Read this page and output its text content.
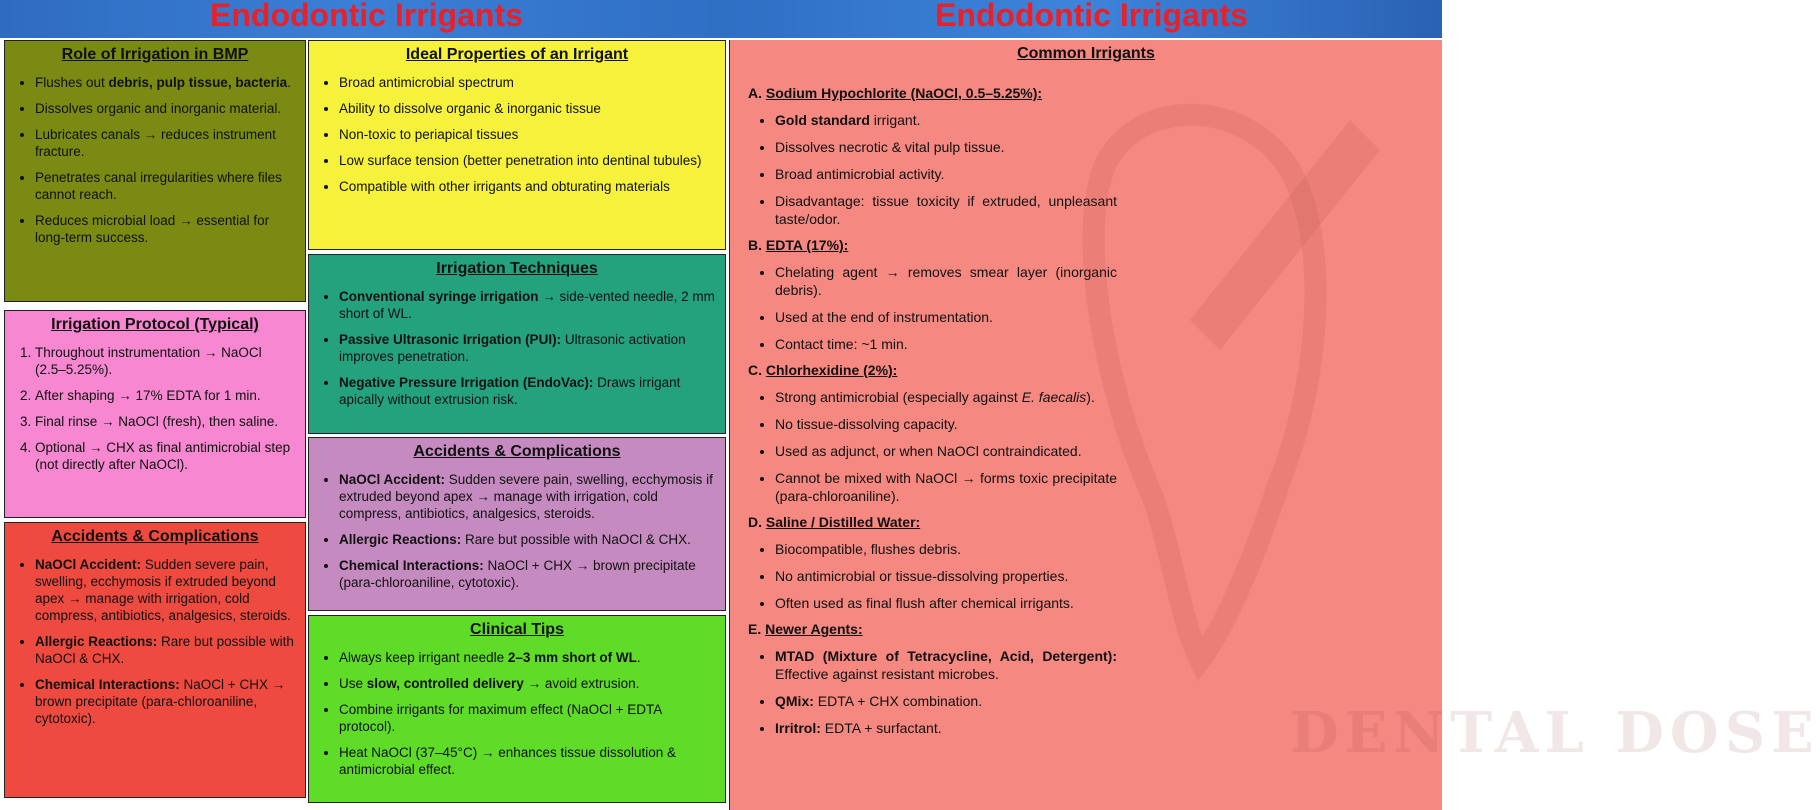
Endodontic Irrigants	Endodontic Irrigants
Role of Irrigation in BMP
• Flushes out debris, pulp tissue, bacteria.
• Dissolves organic and inorganic material.
• Lubricates canals → reduces instrument fracture.
• Penetrates canal irregularities where files cannot reach.
• Reduces microbial load → essential for long-term success.
Ideal Properties of an Irrigant
• Broad antimicrobial spectrum
• Ability to dissolve organic & inorganic tissue
• Non-toxic to periapical tissues
• Low surface tension (better penetration into dentinal tubules)
• Compatible with other irrigants and obturating materials
Irrigation Protocol (Typical)
1. Throughout instrumentation → NaOCl (2.5–5.25%).
2. After shaping → 17% EDTA for 1 min.
3. Final rinse → NaOCl (fresh), then saline.
4. Optional → CHX as final antimicrobial step (not directly after NaOCl).
Irrigation Techniques
• Conventional syringe irrigation → side-vented needle, 2 mm short of WL.
• Passive Ultrasonic Irrigation (PUI): Ultrasonic activation improves penetration.
• Negative Pressure Irrigation (EndoVac): Draws irrigant apically without extrusion risk.
Accidents & Complications
• NaOCl Accident: Sudden severe pain, swelling, ecchymosis if extruded beyond apex → manage with irrigation, cold compress, antibiotics, analgesics, steroids.
• Allergic Reactions: Rare but possible with NaOCl & CHX.
• Chemical Interactions: NaOCl + CHX → brown precipitate (para-chloroaniline, cytotoxic).
Accidents & Complications
• NaOCl Accident: Sudden severe pain, swelling, ecchymosis if extruded beyond apex → manage with irrigation, cold compress, antibiotics, analgesics, steroids.
• Allergic Reactions: Rare but possible with NaOCl & CHX.
• Chemical Interactions: NaOCl + CHX → brown precipitate (para-chloroaniline, cytotoxic).
Clinical Tips
• Always keep irrigant needle 2–3 mm short of WL.
• Use slow, controlled delivery → avoid extrusion.
• Combine irrigants for maximum effect (NaOCl + EDTA protocol).
• Heat NaOCl (37–45°C) → enhances tissue dissolution & antimicrobial effect.
DENTAL DOSE
Common Irrigants
A. Sodium Hypochlorite (NaOCl, 0.5–5.25%):
• Gold standard irrigant.
• Dissolves necrotic & vital pulp tissue.
• Broad antimicrobial activity.
• Disadvantage: tissue toxicity if extruded, unpleasant taste/odor.
B. EDTA (17%):
• Chelating agent → removes smear layer (inorganic debris).
• Used at the end of instrumentation.
• Contact time: ~1 min.
C. Chlorhexidine (2%):
• Strong antimicrobial (especially against E. faecalis).
• No tissue-dissolving capacity.
• Used as adjunct, or when NaOCl contraindicated.
• Cannot be mixed with NaOCl → forms toxic precipitate (para-chloroaniline).
D. Saline / Distilled Water:
• Biocompatible, flushes debris.
• No antimicrobial or tissue-dissolving properties.
• Often used as final flush after chemical irrigants.
E. Newer Agents:
• MTAD (Mixture of Tetracycline, Acid, Detergent): Effective against resistant microbes.
• QMix: EDTA + CHX combination.
• Irritrol: EDTA + surfactant.
